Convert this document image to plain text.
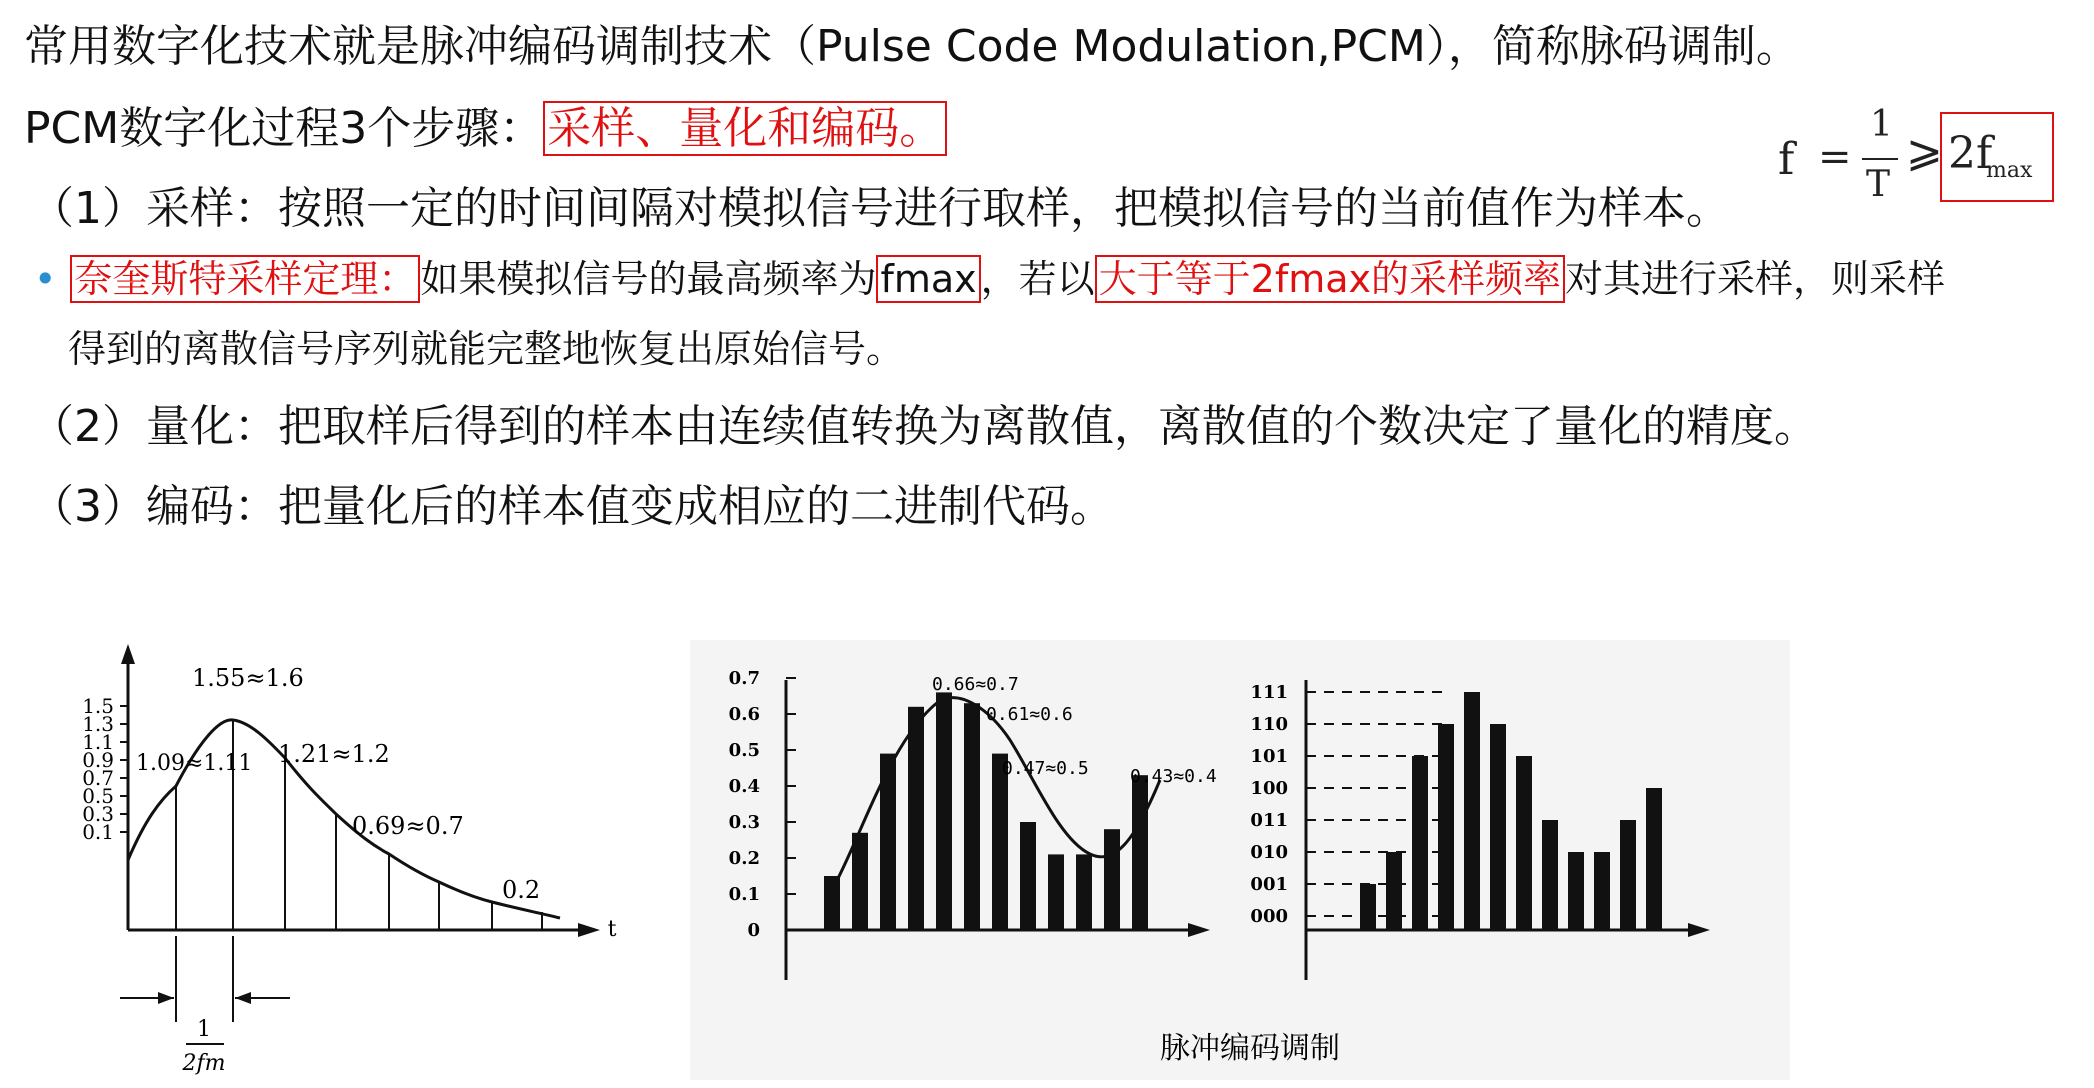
常用数字化技术就是脉冲编码调制技术（Pulse Code Modulation,PCM），简称脉码调制。
PCM数字化过程3个步骤：采样、量化和编码。
（1）采样：按照一定的时间间隔对模拟信号进行取样，把模拟信号的当前值作为样本。
• 奈奎斯特采样定理： 如果模拟信号的最高频率为 fmax ，若以 大于等于2fmax的采样频率 对其进行采样，则采样
得到的离散信号序列就能完整地恢复出原始信号。
（2）量化：把取样后得到的样本由连续值转换为离散值，离散值的个数决定了量化的精度。
（3）编码：把量化后的样本值变成相应的二进制代码。
f =
1
T
⩾ 2f
max
t
1.5
1.3
1.1
0.9
0.7
0.5
0.3
0.1
1.55≈1.6
1.09≈1.11 1.21≈1.2
0.69≈0.7
0.2
1
2fm
0.7
0.6
0.5
0.4
0.3
0.2
0.1
0
0.66≈0.7
0.61≈0.6
0.47≈0.5 0.43≈0.4
111
110
101
100
011
010
001
000
脉冲编码调制
